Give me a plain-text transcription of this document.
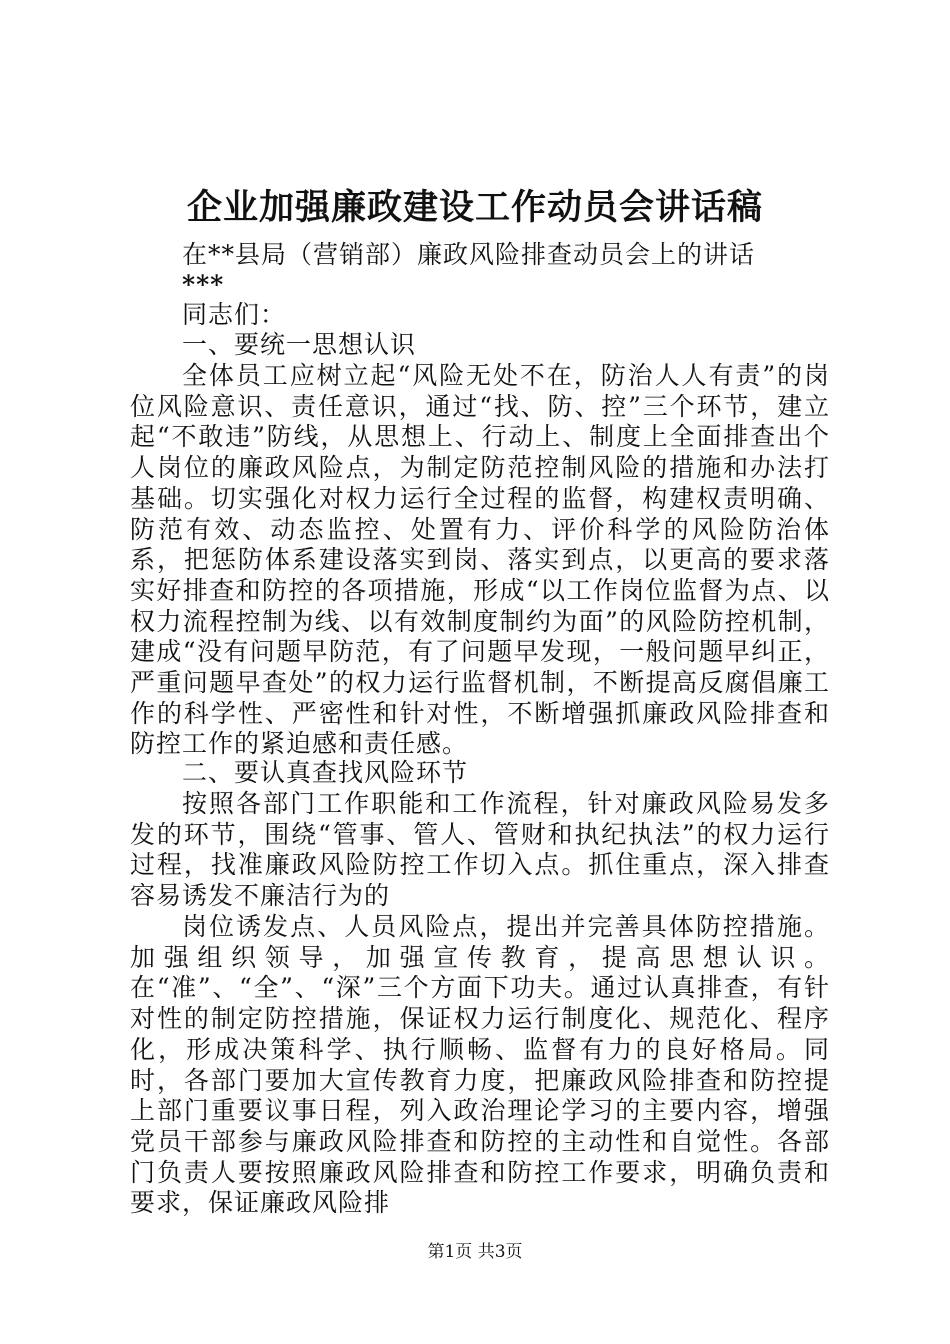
企业加强廉政建设工作动员会讲话稿
在**县局（营销部）廉政风险排查动员会上的讲话
***
同志们：
一、要统一思想认识
全体员工应树立起“风险无处不在，防治人人有责”的岗位风险意识、责任意识，通过“找、防、控”三个环节，建立起“不敢违”防线，从思想上、行动上、制度上全面排查出个人岗位的廉政风险点，为制定防范控制风险的措施和办法打基础。切实强化对权力运行全过程的监督，构建权责明确、防范有效、动态监控、处置有力、评价科学的风险防治体系，把惩防体系建设落实到岗、落实到点，以更高的要求落实好排查和防控的各项措施，形成“以工作岗位监督为点、以权力流程控制为线、以有效制度制约为面”的风险防控机制，建成“没有问题早防范，有了问题早发现，一般问题早纠正，严重问题早查处”的权力运行监督机制，不断提高反腐倡廉工作的科学性、严密性和针对性，不断增强抓廉政风险排查和防控工作的紧迫感和责任感。
二、要认真查找风险环节
按照各部门工作职能和工作流程，针对廉政风险易发多发的环节，围绕“管事、管人、管财和执纪执法”的权力运行过程，找准廉政风险防控工作切入点。抓住重点，深入排查容易诱发不廉洁行为的
岗位诱发点、人员风险点，提出并完善具体防控措施。加强组织领导，加强宣传教育，提高思想认识。在“准”、“全”、“深”三个方面下功夫。通过认真排查，有针对性的制定防控措施，保证权力运行制度化、规范化、程序化，形成决策科学、执行顺畅、监督有力的良好格局。同时，各部门要加大宣传教育力度，把廉政风险排查和防控提上部门重要议事日程，列入政治理论学习的主要内容，增强党员干部参与廉政风险排查和防控的主动性和自觉性。各部门负责人要按照廉政风险排查和防控工作要求，明确负责和要求，保证廉政风险排
第1页 共3页
